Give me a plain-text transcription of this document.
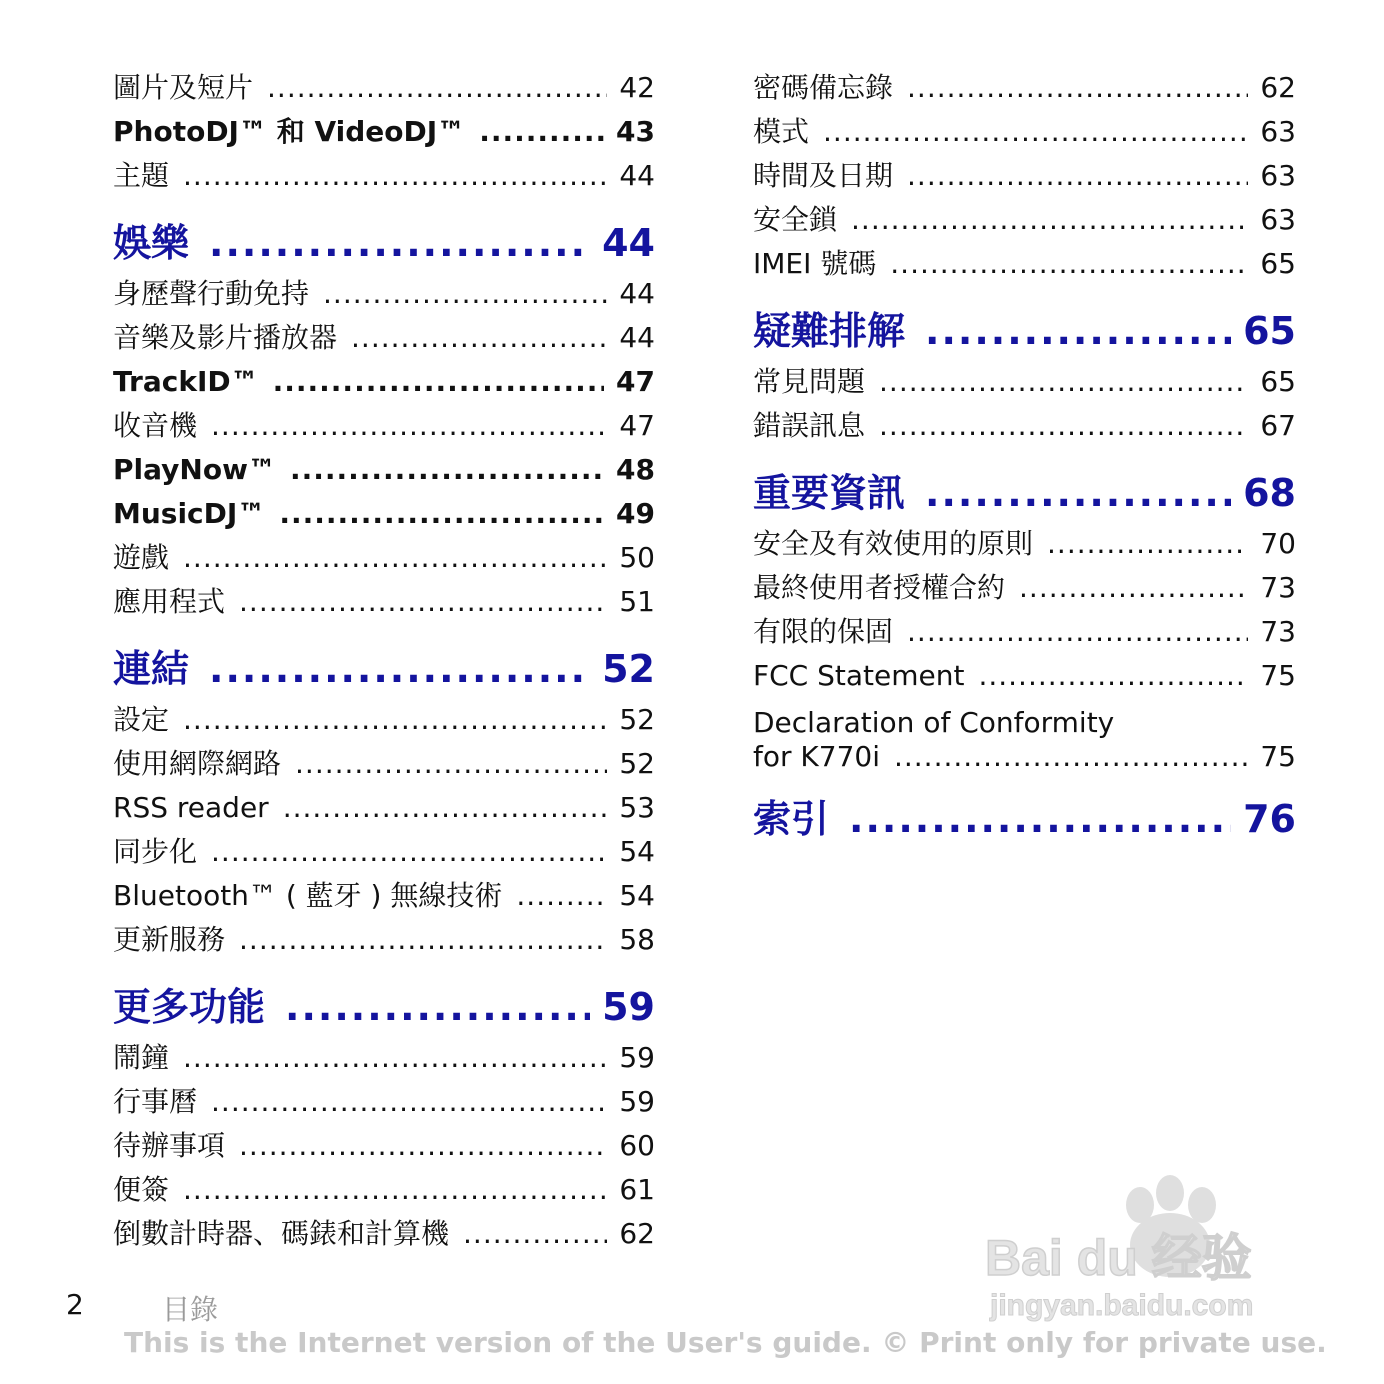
圖片及短片 .....	42
PhotoDJ™ 和 VideoDJ™ .....	43
主題 .....	44
娛樂 .....	44
身歷聲行動免持 .....	44
音樂及影片播放器 .....	44
TrackID™ .....	47
收音機 .....	47
PlayNow™ .....	48
MusicDJ™ .....	49
遊戲 .....	50
應用程式 .....	51
連結 .....	52
設定 .....	52
使用網際網路 .....	52
RSS reader .....	53
同步化 .....	54
Bluetooth™ ( 藍牙 ) 無線技術 .....	54
更新服務 .....	58
更多功能 .....	59
鬧鐘 .....	59
行事曆 .....	59
待辦事項 .....	60
便簽 .....	61
倒數計時器、碼錶和計算機 .....	62
密碼備忘錄 .....	62
模式 .....	63
時間及日期 .....	63
安全鎖 .....	63
IMEI 號碼 .....	65
疑難排解 .....	65
常見問題 .....	65
錯誤訊息 .....	67
重要資訊 .....	68
安全及有效使用的原則 .....	70
最終使用者授權合約 .....	73
有限的保固 .....	73
FCC Statement .....	75
Declaration of Conformity
for K770i .....	75
索引 .....	76
2	目錄
This is the Internet version of the User's guide. © Print only for private use.
Bai du 经验
jingyan.baidu.com
